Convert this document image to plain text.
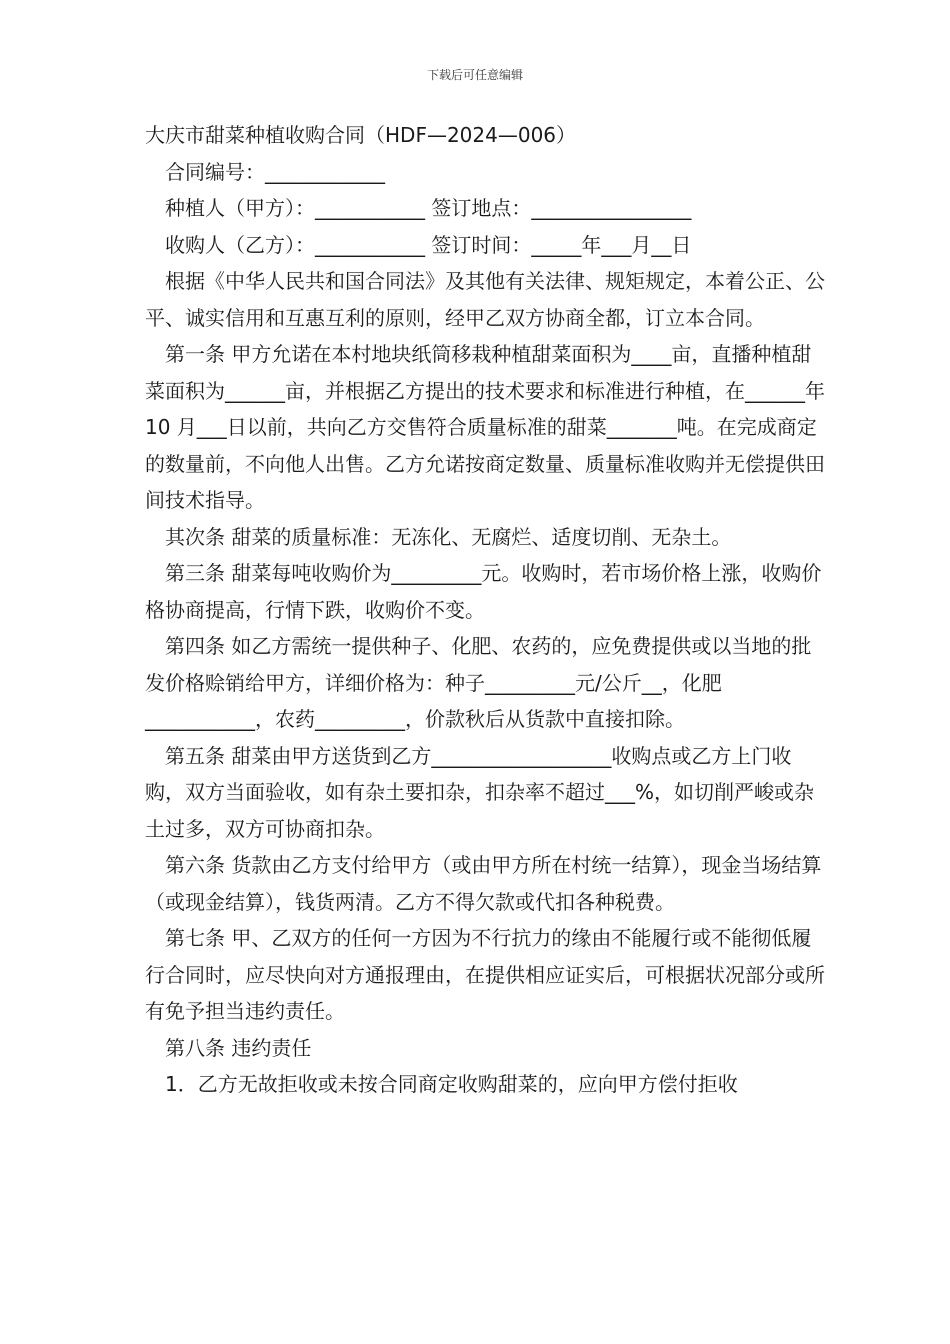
下载后可任意编辑

大庆市甜菜种植收购合同（HDF—2024—006）

合同编号：____________

种植人（甲方）：___________ 签订地点：________________

收购人（乙方）：___________ 签订时间：_____年___月__日

根据《中华人民共和国合同法》及其他有关法律、规矩规定，本着公正、公平、诚实信用和互惠互利的原则，经甲乙双方协商全都，订立本合同。

第一条 甲方允诺在本村地块纸筒移栽种植甜菜面积为____亩，直播种植甜菜面积为______亩，并根据乙方提出的技术要求和标准进行种植，在______年 10 月___日以前，共向乙方交售符合质量标准的甜菜_______吨。在完成商定的数量前，不向他人出售。乙方允诺按商定数量、质量标准收购并无偿提供田间技术指导。

其次条 甜菜的质量标准：无冻化、无腐烂、适度切削、无杂土。

第三条 甜菜每吨收购价为_________元。收购时，若市场价格上涨，收购价格协商提高，行情下跌，收购价不变。

第四条 如乙方需统一提供种子、化肥、农药的，应免费提供或以当地的批发价格赊销给甲方，详细价格为：种子_________元/公斤__，化肥___________，农药_________，价款秋后从货款中直接扣除。

第五条 甜菜由甲方送货到乙方__________________收购点或乙方上门收购，双方当面验收，如有杂土要扣杂，扣杂率不超过___%，如切削严峻或杂土过多，双方可协商扣杂。

第六条 货款由乙方支付给甲方（或由甲方所在村统一结算），现金当场结算（或现金结算），钱货两清。乙方不得欠款或代扣各种税费。

第七条 甲、乙双方的任何一方因为不行抗力的缘由不能履行或不能彻低履行合同时，应尽快向对方通报理由，在提供相应证实后，可根据状况部分或所有免予担当违约责任。

第八条 违约责任

1．乙方无故拒收或未按合同商定收购甜菜的，应向甲方偿付拒收
